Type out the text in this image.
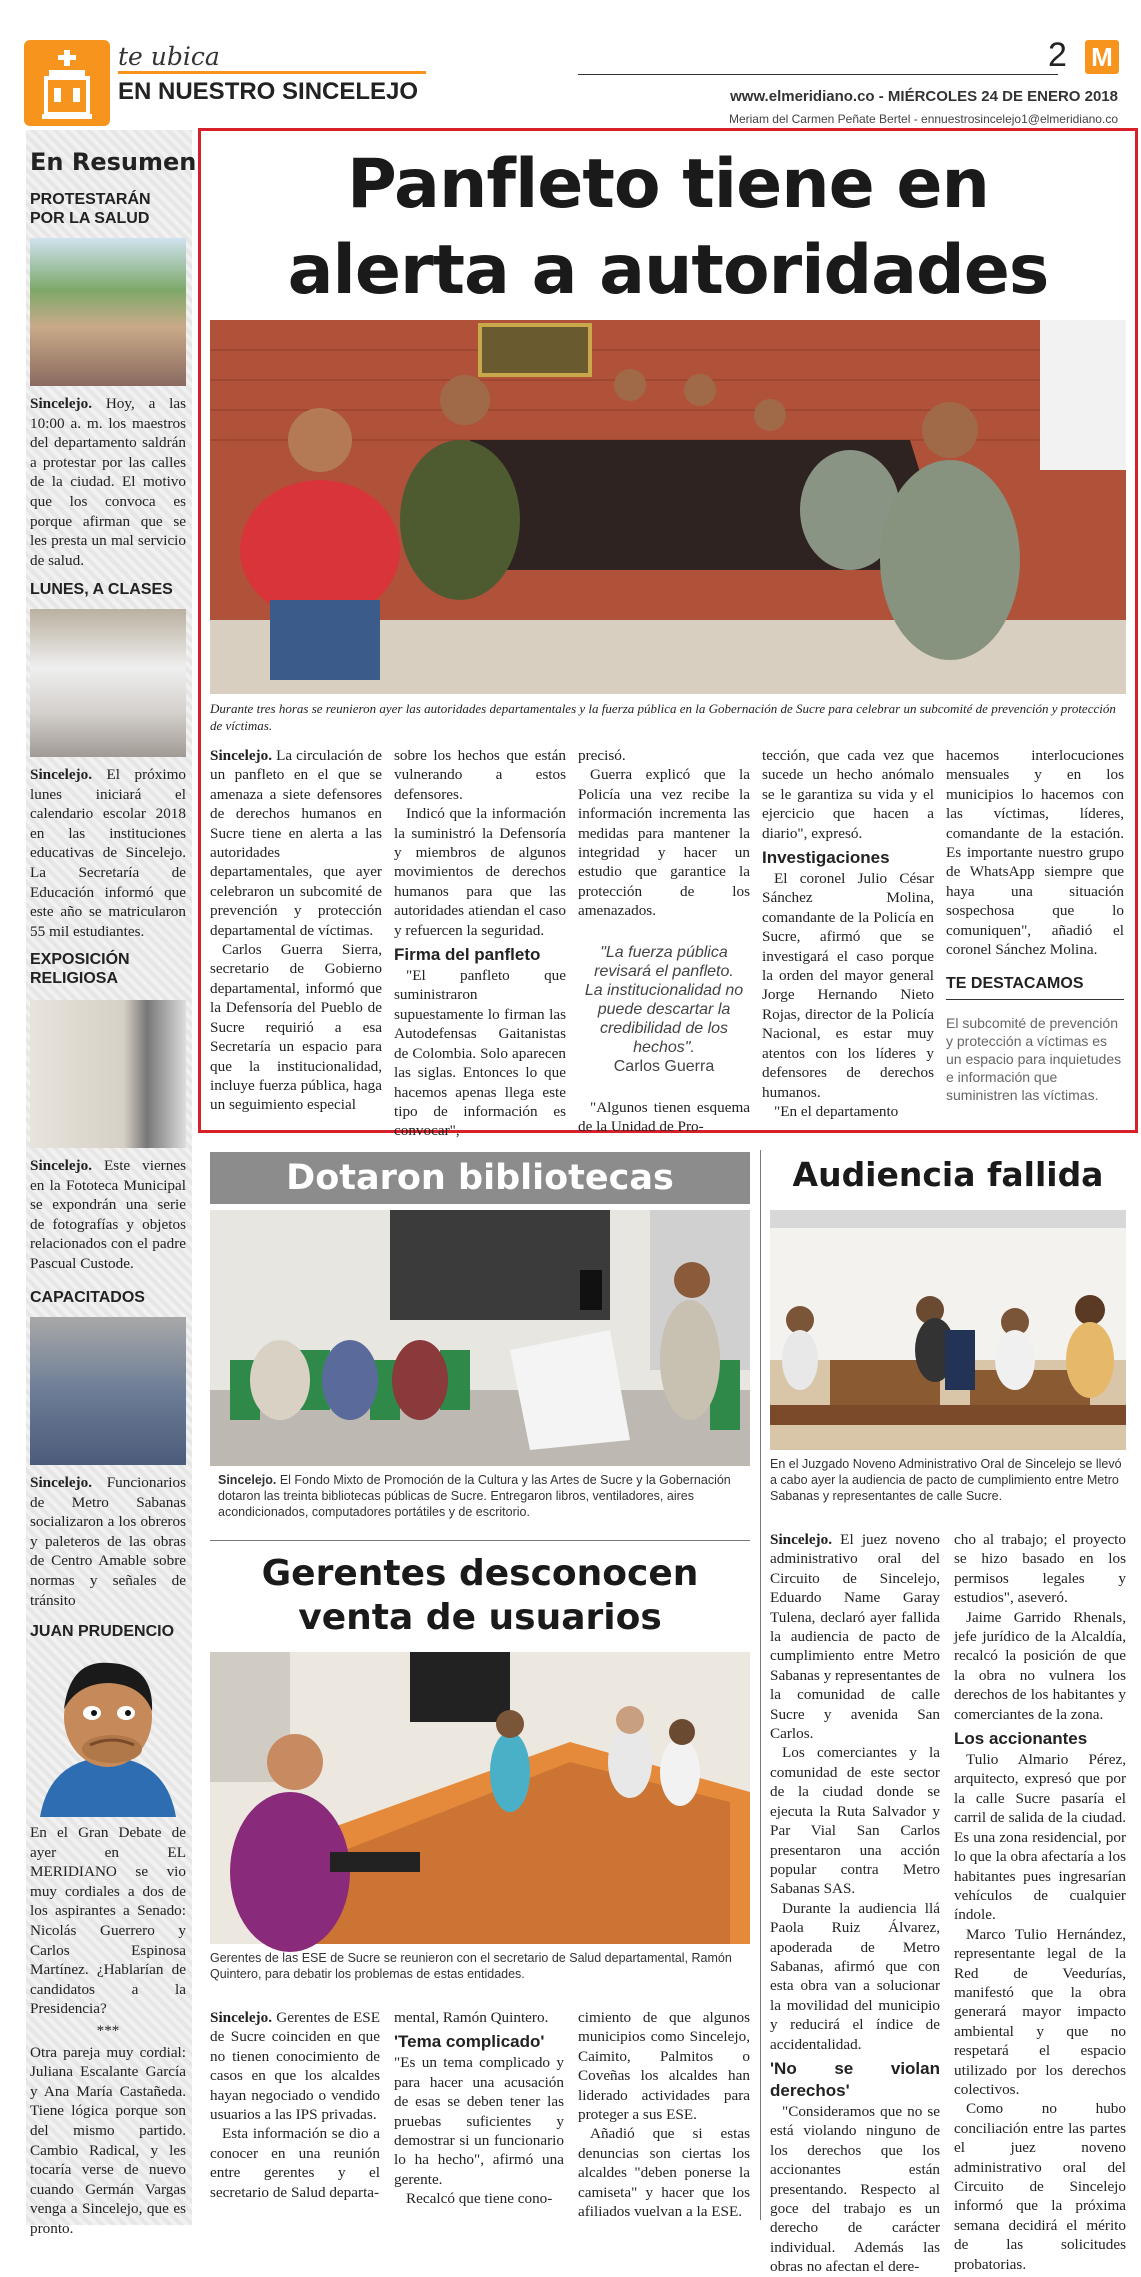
te ubica
EN NUESTRO SINCELEJO
2 M
www.elmeridiano.co - MIÉRCOLES 24 DE ENERO 2018
Meriam del Carmen Peñate Bertel - ennuestrosincelejo1@elmeridiano.co
En Resumen
PROTESTARÁN POR LA SALUD
Sincelejo. Hoy, a las 10:00 a. m. los maestros del departamento saldrán a protestar por las calles de la ciudad. El motivo que los convoca es porque afirman que se les presta un mal servicio de salud.
LUNES, A CLASES
Sincelejo. El próximo lunes iniciará el calendario escolar 2018 en las instituciones educativas de Sincelejo. La Secretaría de Educación informó que este año se matricularon 55 mil estudiantes.
EXPOSICIÓN RELIGIOSA
Sincelejo. Este viernes en la Fototeca Municipal se expondrán una serie de fotografías y objetos relacionados con el padre Pascual Custode.
CAPACITADOS
Sincelejo. Funcionarios de Metro Sabanas socializaron a los obreros y paleteros de las obras de Centro Amable sobre normas y señales de tránsito
JUAN PRUDENCIO
En el Gran Debate de ayer en EL MERIDIANO se vio muy cordiales a dos de los aspirantes a Senado: Nicolás Guerrero y Carlos Espinosa Martínez. ¿Hablarían de candidatos a la Presidencia?
***
Otra pareja muy cordial: Juliana Escalante García y Ana María Castañeda. Tiene lógica porque son del mismo partido. Cambio Radical, y les tocaría verse de nuevo cuando Germán Vargas venga a Sincelejo, que es pronto.
Panfleto tiene en
alerta a autoridades
Durante tres horas se reunieron ayer las autoridades departamentales y la fuerza pública en la Gobernación de Sucre para celebrar un subcomité de prevención y protección de víctimas.

Sincelejo. La circulación de un panfleto en el que se amenaza a siete defensores de derechos humanos en Sucre tiene en alerta a las autoridades departamentales, que ayer celebraron un subcomité de prevención y protección departamental de víctimas.

Carlos Guerra Sierra, secretario de Gobierno departamental, informó que la Defensoría del Pueblo de Sucre requirió a esa Secretaría un espacio para que la institucionalidad, incluye fuerza pública, haga un seguimiento especial

sobre los hechos que están vulnerando a estos defensores.

Indicó que la información la suministró la Defensoría y miembros de algunos movimientos de derechos humanos para que las autoridades atiendan el caso y refuercen la seguridad.

Firma del panfleto

"El panfleto que suministraron supuestamente lo firman las Autodefensas Gaitanistas de Colombia. Solo aparecen las siglas. Entonces lo que hacemos apenas llega este tipo de información es convocar",

precisó.

Guerra explicó que la Policía una vez recibe la información incrementa las medidas para mantener la integridad y hacer un estudio que garantice la protección de los amenazados.

"La fuerza pública revisará el panfleto. La institucionalidad no puede descartar la credibilidad de los hechos".
Carlos Guerra

"Algunos tienen esquema de la Unidad de Pro-

tección, que cada vez que sucede un hecho anómalo se le garantiza su vida y el ejercicio que hacen a diario", expresó.

Investigaciones

El coronel Julio César Sánchez Molina, comandante de la Policía en Sucre, afirmó que se investigará el caso porque la orden del mayor general Jorge Hernando Nieto Rojas, director de la Policía Nacional, es estar muy atentos con los líderes y defensores de derechos humanos.

"En el departamento

hacemos interlocuciones mensuales y en los municipios lo hacemos con las víctimas, líderes, comandante de la estación. Es importante nuestro grupo de WhatsApp siempre que haya una situación sospechosa que lo comuniquen", añadió el coronel Sánchez Molina.

TE DESTACAMOS

El subcomité de prevención y protección a víctimas es un espacio para inquietudes e información que suministren las víctimas.

Dotaron bibliotecas
Sincelejo. El Fondo Mixto de Promoción de la Cultura y las Artes de Sucre y la Gobernación dotaron las treinta bibliotecas públicas de Sucre. Entregaron libros, ventiladores, aires acondicionados, computadores portátiles y de escritorio.
Audiencia fallida
En el Juzgado Noveno Administrativo Oral de Sincelejo se llevó a cabo ayer la audiencia de pacto de cumplimiento entre Metro Sabanas y representantes de calle Sucre.

Sincelejo. El juez noveno administrativo oral del Circuito de Sincelejo, Eduardo Name Garay Tulena, declaró ayer fallida la audiencia de pacto de cumplimiento entre Metro Sabanas y representantes de la comunidad de calle Sucre y avenida San Carlos.

Los comerciantes y la comunidad de este sector de la ciudad donde se ejecuta la Ruta Salvador y Par Vial San Carlos presentaron una acción popular contra Metro Sabanas SAS.

Durante la audiencia llá Paola Ruiz Álvarez, apoderada de Metro Sabanas, afirmó que con esta obra van a solucionar la movilidad del municipio y reducirá el índice de accidentalidad.

'No se violan derechos'

"Consideramos que no se está violando ninguno de los derechos que los accionantes están presentando. Respecto al goce del trabajo es un derecho de carácter individual. Además las obras no afectan el dere-

cho al trabajo; el proyecto se hizo basado en los permisos legales y estudios", aseveró.

Jaime Garrido Rhenals, jefe jurídico de la Alcaldía, recalcó la posición de que la obra no vulnera los derechos de los habitantes y comerciantes de la zona.

Los accionantes

Tulio Almario Pérez, arquitecto, expresó que por la calle Sucre pasaría el carril de salida de la ciudad. Es una zona residencial, por lo que la obra afectaría a los habitantes pues ingresarían vehículos de cualquier índole.

Marco Tulio Hernández, representante legal de la Red de Veedurías, manifestó que la obra generará mayor impacto ambiental y que no respetará el espacio utilizado por los derechos colectivos.

Como no hubo conciliación entre las partes el juez noveno administrativo oral del Circuito de Sincelejo informó que la próxima semana decidirá el mérito de las solicitudes probatorias.

Gerentes desconocen
venta de usuarios
Gerentes de las ESE de Sucre se reunieron con el secretario de Salud departamental, Ramón Quintero, para debatir los problemas de estas entidades.

Sincelejo. Gerentes de ESE de Sucre coinciden en que no tienen conocimiento de casos en que los alcaldes hayan negociado o vendido usuarios a las IPS privadas.

Esta información se dio a conocer en una reunión entre gerentes y el secretario de Salud departa-

mental, Ramón Quintero.

'Tema complicado'

"Es un tema complicado y para hacer una acusación de esas se deben tener las pruebas suficientes y demostrar si un funcionario lo ha hecho", afirmó una gerente.

Recalcó que tiene cono-

cimiento de que algunos municipios como Sincelejo, Caimito, Palmitos o Coveñas los alcaldes han liderado actividades para proteger a sus ESE.

Añadió que si estas denuncias son ciertas los alcaldes "deben ponerse la camiseta" y hacer que los afiliados vuelvan a la ESE.
